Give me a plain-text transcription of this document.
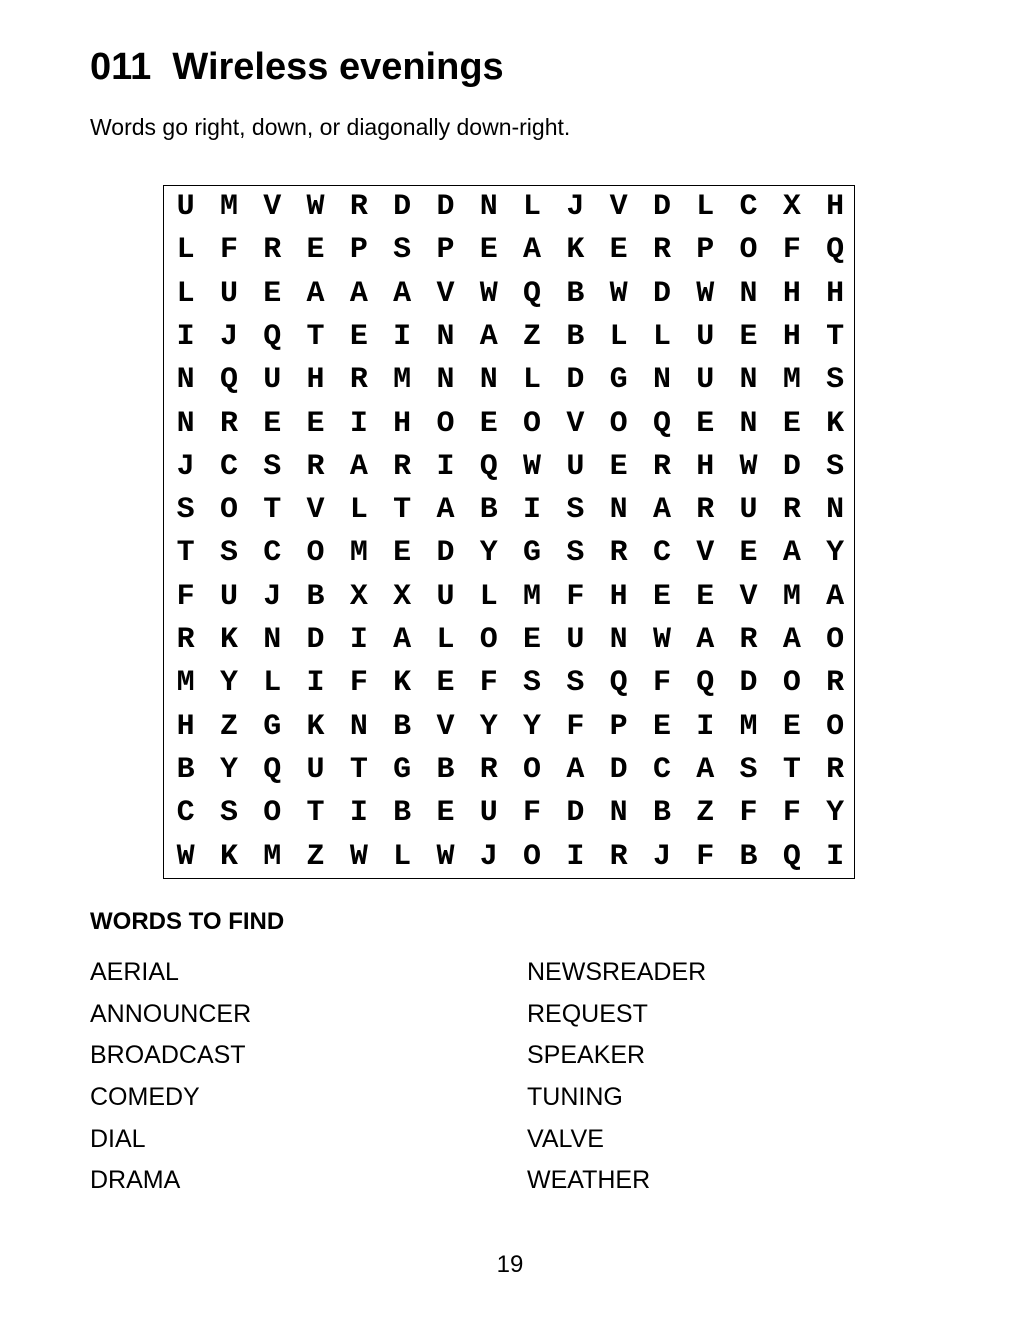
011  Wireless evenings
Words go right, down, or diagonally down-right.
U M V W R D D N L J V D L C X H
L F R E P S P E A K E R P O F Q
L U E A A A V W Q B W D W N H H
I J Q T E I N A Z B L L U E H T
N Q U H R M N N L D G N U N M S
N R E E I H O E O V O Q E N E K
J C S R A R I Q W U E R H W D S
S O T V L T A B I S N A R U R N
T S C O M E D Y G S R C V E A Y
F U J B X X U L M F H E E V M A
R K N D I A L O E U N W A R A O
M Y L I F K E F S S Q F Q D O R
H Z G K N B V Y Y F P E I M E O
B Y Q U T G B R O A D C A S T R
C S O T I B E U F D N B Z F F Y
W K M Z W L W J O I R J F B Q I
WORDS TO FIND
AERIAL
ANNOUNCER
BROADCAST
COMEDY
DIAL
DRAMA
NEWSREADER
REQUEST
SPEAKER
TUNING
VALVE
WEATHER
19
